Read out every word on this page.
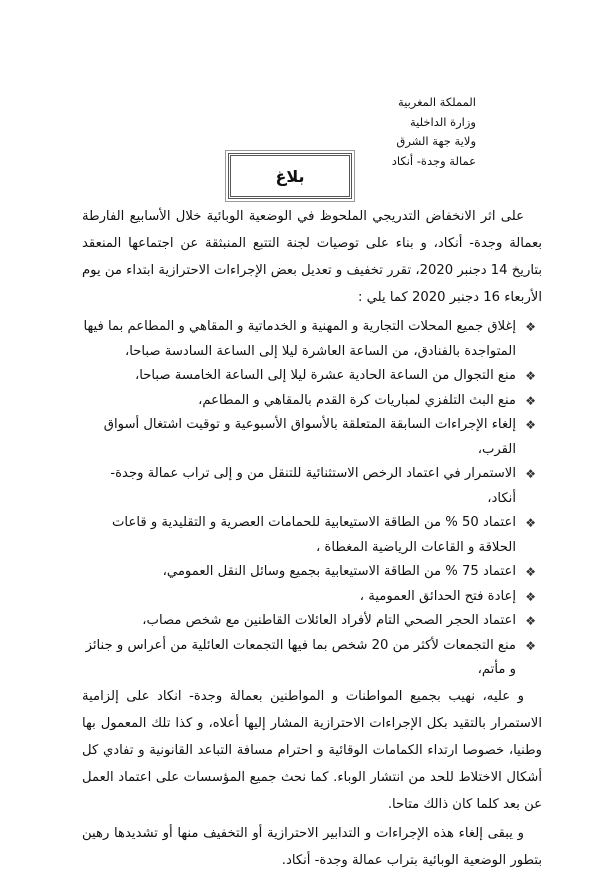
المملكة المغربية
وزارة الداخلية
ولاية جهة الشرق
عمالة وجدة- أنكاد
بلاغ

على اثر الانخفاض التدريجي الملحوظ في الوضعية الوبائية خلال الأسابيع الفارطة بعمالة وجدة- أنكاد، و بناء على توصيات لجنة التتبع المنبثقة عن اجتماعها المنعقد بتاريخ 14 دجنبر 2020، تقرر تخفيف و تعديل بعض الإجراءات الاحترازية ابتداء من يوم الأربعاء 16 دجنبر 2020 كما يلي :

❖
إغلاق جميع المحلات التجارية و المهنية و الخدماتية و المقاهي و المطاعم بما فيها المتواجدة بالفنادق، من الساعة العاشرة ليلا إلى الساعة السادسة صباحا،
❖
منع التجوال من الساعة الحادية عشرة ليلا إلى الساعة الخامسة صباحا،
❖
منع البث التلفزي لمباريات كرة القدم بالمقاهي و المطاعم،
❖
إلغاء الإجراءات السابقة المتعلقة بالأسواق الأسبوعية و توقيت اشتغال أسواق القرب،
❖
الاستمرار في اعتماد الرخص الاستثنائية للتنقل من و إلى تراب عمالة وجدة- أنكاد،
❖
اعتماد 50 % من الطاقة الاستيعابية للحمامات العصرية و التقليدية و قاعات الحلاقة و القاعات الرياضية المغطاة ،
❖
اعتماد 75 % من الطاقة الاستيعابية بجميع وسائل النقل العمومي،
❖
إعادة فتح الحدائق العمومية ،
❖
اعتماد الحجر الصحي التام لأفراد العائلات القاطنين مع شخص مصاب،
❖
منع التجمعات لأكثر من 20 شخص بما فيها التجمعات العائلية من أعراس و جنائز و مأتم،

و عليه، نهيب بجميع المواطنات و المواطنين بعمالة وجدة- انكاد على إلزامية الاستمرار بالتقيد بكل الإجراءات الاحترازية المشار إليها أعلاه، و كذا تلك المعمول بها وطنيا، خصوصا ارتداء الكمامات الوقائية و احترام مسافة التباعد القانونية و تفادي كل أشكال الاختلاط للحد من انتشار الوباء. كما نحث جميع المؤسسات على اعتماد العمل عن بعد كلما كان ذالك متاحا.

و يبقى إلغاء هذه الإجراءات و التدابير الاحترازية أو التخفيف منها أو تشديدها رهين بتطور الوضعية الوبائية بتراب عمالة وجدة- أنكاد.
